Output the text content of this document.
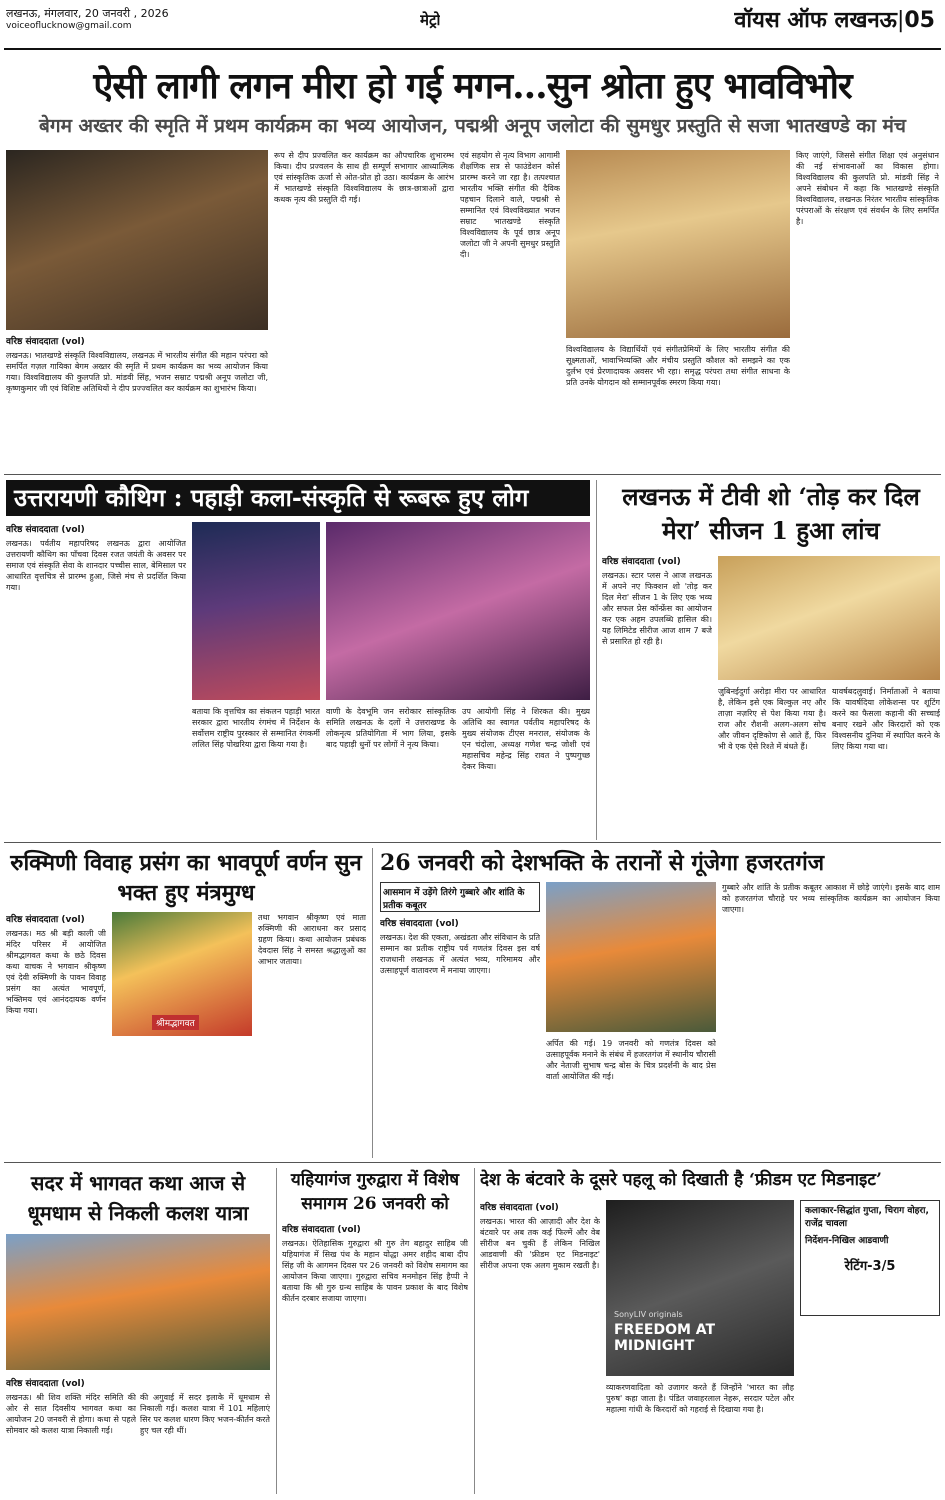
लखनऊ, मंगलवार, 20 जनवरी , 2026
voiceoflucknow@gmail.com	मेट्रो	वॉयस ऑफ लखनऊ|05
ऐसी लागी लगन मीरा हो गई मगन...सुन श्रोता हुए भावविभोर
बेगम अख्तर की स्मृति में प्रथम कार्यक्रम का भव्य आयोजन, पद्मश्री अनूप जलोटा की सुमधुर प्रस्तुति से सजा भातखण्डे का मंच
वरिष्ठ संवाददाता (vol)
लखनऊ। भातखण्डे संस्कृति विश्वविद्यालय, लखनऊ में भारतीय संगीत की महान परंपरा को समर्पित गज़ल गायिका बेगम अख्तर की स्मृति में प्रथम कार्यक्रम का भव्य आयोजन किया गया। विश्वविद्यालय की कुलपति प्रो. मांडवी सिंह, भजन सम्राट पद्मश्री अनूप जलोटा जी, कृष्णकुमार जी एवं विशिष्ट अतिथियों ने दीप प्रज्ज्वलित कर कार्यक्रम का शुभारंभ किया।
रूप से दीप प्रज्वलित कर कार्यक्रम का औपचारिक शुभारम्भ किया। दीप प्रज्वलन के साथ ही सम्पूर्ण सभागार आध्यात्मिक एवं सांस्कृतिक ऊर्जा से ओत-प्रोत हो उठा। कार्यक्रम के आरंभ में भातखण्डे संस्कृति विश्वविद्यालय के छात्र-छात्राओं द्वारा कथक नृत्य की प्रस्तुति दी गई।
एवं सहयोग से नृत्य विभाग आगामी शैक्षणिक सत्र से फाउंडेशन कोर्स प्रारम्भ करने जा रहा है। तत्पश्चात भारतीय भक्ति संगीत की दैविक पहचान दिलाने वाले, पद्मश्री से सम्मानित एवं विश्वविख्यात भजन सम्राट भातखण्डे संस्कृति विश्वविद्यालय के पूर्व छात्र अनूप जलोटा जी ने अपनी सुमधुर प्रस्तुति दी।
विश्वविद्यालय के विद्यार्थियों एवं संगीतप्रेमियों के लिए भारतीय संगीत की सूक्ष्मताओं, भावाभिव्यक्ति और मंचीय प्रस्तुति कौशल को समझने का एक दुर्लभ एवं प्रेरणादायक अवसर भी रहा। समृद्ध परंपरा तथा संगीत साधना के प्रति उनके योगदान को सम्मानपूर्वक स्मरण किया गया।
किए जाएंगे, जिससे संगीत शिक्षा एवं अनुसंधान की नई संभावनाओं का विकास होगा। विश्वविद्यालय की कुलपति प्रो. मांडवी सिंह ने अपने संबोधन में कहा कि भातखण्डे संस्कृति विश्वविद्यालय, लखनऊ निरंतर भारतीय सांस्कृतिक परंपराओं के संरक्षण एवं संवर्धन के लिए समर्पित है।
उत्तरायणी कौथिग : पहाड़ी कला-संस्कृति से रूबरू हुए लोग
वरिष्ठ संवाददाता (vol)
लखनऊ। पर्वतीय महापरिषद लखनऊ द्वारा आयोजित उत्तरायणी कौथिग का पाँचवा दिवस रजत जयंती के अवसर पर समाज एवं संस्कृति सेवा के शानदार पच्चीस साल, बेमिसाल पर आधारित वृत्तचित्र से प्रारम्भ हुआ, जिसे मंच से प्रदर्शित किया गया।
बताया कि वृत्तचित्र का संकलन पहाड़ी भारत सरकार द्वारा भारतीय रंगमंच में निर्देशन के सर्वोत्तम राष्ट्रीय पुरस्कार से सम्मानित रंगकर्मी ललित सिंह पोखरिया द्वारा किया गया है।
वाणी के देवभूमि जन सरोकार सांस्कृतिक समिति लखनऊ के दलों ने उत्तराखण्ड के लोकनृत्य प्रतियोगिता में भाग लिया, इसके बाद पहाड़ी धुनों पर लोगों ने नृत्य किया।
उप आयोगी सिंह ने शिरकत की। मुख्य अतिथि का स्वागत पर्वतीय महापरिषद के मुख्य संयोजक टीएस मनराल, संयोजक के एन चंदोला, अध्यक्ष गणेश चन्द्र जोशी एवं महासचिव महेन्द्र सिंह रावत ने पुष्पगुच्छ देकर किया।
लखनऊ में टीवी शो ‘तोड़ कर दिल मेरा’ सीजन 1 हुआ लांच
वरिष्ठ संवाददाता (vol)
लखनऊ। स्टार प्लस ने आज लखनऊ में अपने नए फिक्शन शो 'तोड़ कर दिल मेरा' सीजन 1 के लिए एक भव्य और सफल प्रेस कॉन्फ्रेंस का आयोजन कर एक अहम उपलब्धि हासिल की। यह लिमिटेड सीरीज आज शाम 7 बजे से प्रसारित हो रही है।
जुबिनईदुर्गा अरोड़ा मीरा पर आधारित है, लेकिन इसे एक बिल्कुल नए और ताज़ा नज़रिए से पेश किया गया है। राज और रौशनी अलग-अलग सोच और जीवन दृष्टिकोण से आते हैं, फिर भी वे एक ऐसे रिश्ते में बंधते हैं।
यावर्षबदलुवाई। निर्माताओं ने बताया कि यावर्षदिया लोकेशन्स पर शूटिंग करने का फैसला कहानी की सच्चाई बनाए रखने और किरदारों को एक विश्वसनीय दुनिया में स्थापित करने के लिए किया गया था।
रुक्मिणी विवाह प्रसंग का भावपूर्ण वर्णन सुन भक्त हुए मंत्रमुग्ध
वरिष्ठ संवाददाता (vol)
लखनऊ। मठ श्री बड़ी काली जी मंदिर परिसर में आयोजित श्रीमद्भागवत कथा के छठे दिवस कथा वाचक ने भगवान श्रीकृष्ण एवं देवी रुक्मिणी के पावन विवाह प्रसंग का अत्यंत भावपूर्ण, भक्तिमय एवं आनंददायक वर्णन किया गया।
श्रीमद्भागवत
तथा भगवान श्रीकृष्ण एवं माता रुक्मिणी की आराधना कर प्रसाद ग्रहण किया। कथा आयोजन प्रबंधक देवदास सिंह ने समस्त श्रद्धालुओं का आभार जताया।
26 जनवरी को देशभक्ति के तरानों से गूंजेगा हजरतगंज
आसमान में उड़ेंगे तिरंगे गुब्बारे और शांति के प्रतीक कबूतर
वरिष्ठ संवाददाता (vol)
लखनऊ। देश की एकता, अखंडता और संविधान के प्रति सम्मान का प्रतीक राष्ट्रीय पर्व गणतंत्र दिवस इस वर्ष राजधानी लखनऊ में अत्यंत भव्य, गरिमामय और उत्साहपूर्ण वातावरण में मनाया जाएगा।
अर्पित की गई। 19 जनवरी को गणतंत्र दिवस को उत्साहपूर्वक मनाने के संबंध में हजरतगंज में स्थानीय चौरासी और नेताजी सुभाष चन्द्र बोस के चित्र प्रदर्शनी के बाद प्रेस वार्ता आयोजित की गई।
गुब्बारे और शांति के प्रतीक कबूतर आकाश में छोड़े जाएंगे। इसके बाद शाम को हजरतगंज चौराहे पर भव्य सांस्कृतिक कार्यक्रम का आयोजन किया जाएगा।
सदर में भागवत कथा आज से धूमधाम से निकली कलश यात्रा
वरिष्ठ संवाददाता (vol)
लखनऊ। श्री शिव शक्ति मंदिर समिति की ओर से सात दिवसीय भागवत कथा का आयोजन 20 जनवरी से होगा। कथा से पहले सोमवार को कलश यात्रा निकाली गई।
की अगुवाई में सदर इलाके में धूमधाम से निकाली गई। कलश यात्रा में 101 महिलाएं सिर पर कलश धारण किए भजन-कीर्तन करते हुए चल रही थीं।
यहियागंज गुरुद्वारा में विशेष समागम 26 जनवरी को
वरिष्ठ संवाददाता (vol)
लखनऊ। ऐतिहासिक गुरुद्वारा श्री गुरु तेग बहादुर साहिब जी यहियागंज में सिख पंथ के महान योद्धा अमर शहीद बाबा दीप सिंह जी के आगमन दिवस पर 26 जनवरी को विशेष समागम का आयोजन किया जाएगा। गुरुद्वारा सचिव मनमोहन सिंह हैप्पी ने बताया कि श्री गुरु ग्रन्थ साहिब के पावन प्रकाश के बाद विशेष कीर्तन दरबार सजाया जाएगा।
देश के बंटवारे के दूसरे पहलू को दिखाती है ‘फ्रीडम एट मिडनाइट’
वरिष्ठ संवाददाता (vol)
लखनऊ। भारत की आज़ादी और देश के बंटवारे पर अब तक कई फिल्में और वेब सीरीज बन चुकी हैं लेकिन निखिल आडवाणी की 'फ्रीडम एट मिडनाइट' सीरीज अपना एक अलग मुकाम रखती है।
SonyLIV originals
FREEDOM AT MIDNIGHT
कलाकार-सिद्धांत गुप्ता, चिराग वोहरा, राजेंद्र चावला
निर्देशन-निखिल आडवाणी
रेटिंग-3/5
व्याकरणवादिता को उजागर करते हैं जिन्होंने 'भारत का लौह पुरुष' कहा जाता है। पंडित जवाहरलाल नेहरू, सरदार पटेल और महात्मा गांधी के किरदारों को गहराई से दिखाया गया है।
